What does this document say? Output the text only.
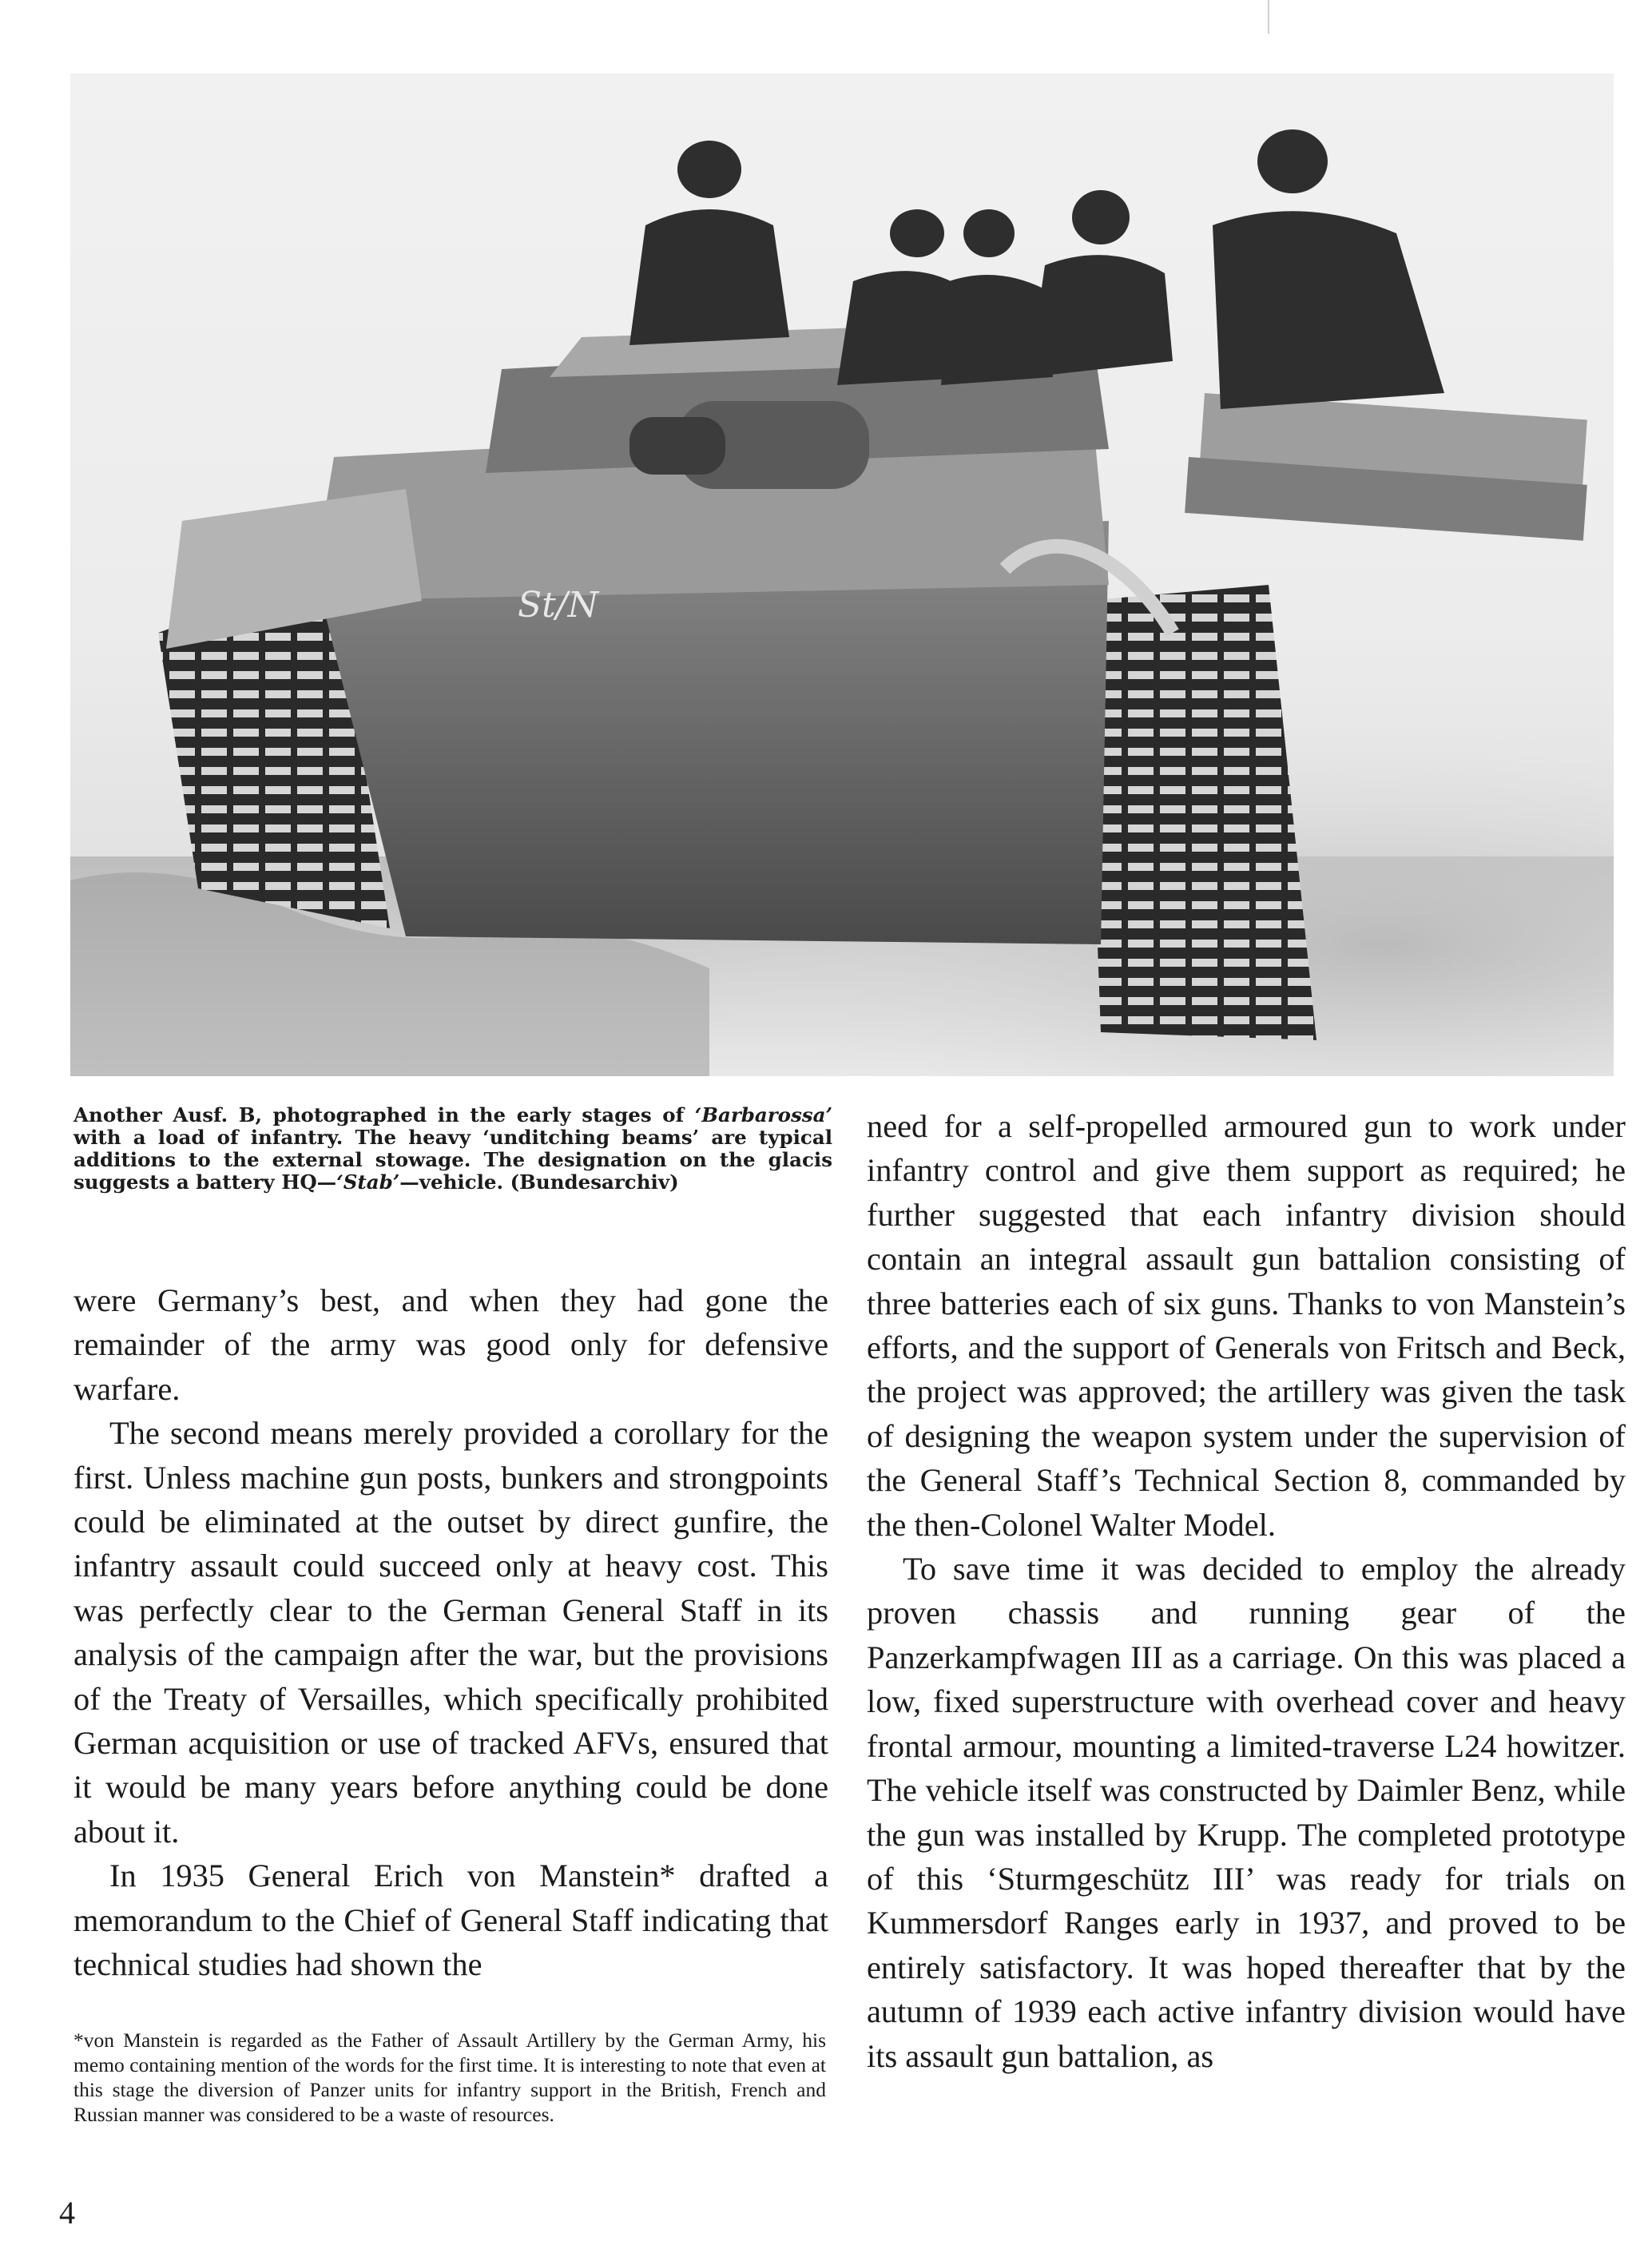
St/N
Another Ausf. B, photographed in the early stages of ‘Barbarossa’ with a load of infantry. The heavy ‘unditching beams’ are typical additions to the external stowage. The designation on the glacis suggests a battery HQ—‘Stab’—vehicle. (Bundesarchiv)

were Germany’s best, and when they had gone the remainder of the army was good only for defensive warfare.

The second means merely provided a corollary for the first. Unless machine gun posts, bunkers and strongpoints could be eliminated at the outset by direct gunfire, the infantry assault could succeed only at heavy cost. This was perfectly clear to the German General Staff in its analysis of the campaign after the war, but the provisions of the Treaty of Versailles, which specifically prohibited German acquisition or use of tracked AFVs, ensured that it would be many years before anything could be done about it.

In 1935 General Erich von Manstein* drafted a memorandum to the Chief of General Staff indicating that technical studies had shown the

*von Manstein is regarded as the Father of Assault Artillery by the German Army, his memo containing mention of the words for the first time. It is interesting to note that even at this stage the diversion of Panzer units for infantry support in the British, French and Russian manner was considered to be a waste of resources.

need for a self-propelled armoured gun to work under infantry control and give them support as required; he further suggested that each infantry division should contain an integral assault gun battalion consisting of three batteries each of six guns. Thanks to von Manstein’s efforts, and the support of Generals von Fritsch and Beck, the project was approved; the artillery was given the task of designing the weapon system under the supervision of the General Staff’s Technical Section 8, commanded by the then-Colonel Walter Model.

To save time it was decided to employ the already proven chassis and running gear of the Panzerkampfwagen III as a carriage. On this was placed a low, fixed superstructure with overhead cover and heavy frontal armour, mounting a limited-traverse L24 howitzer. The vehicle itself was constructed by Daimler Benz, while the gun was installed by Krupp. The completed prototype of this ‘Sturmgeschütz III’ was ready for trials on Kummersdorf Ranges early in 1937, and proved to be entirely satisfactory. It was hoped thereafter that by the autumn of 1939 each active infantry division would have its assault gun battalion, as

4
